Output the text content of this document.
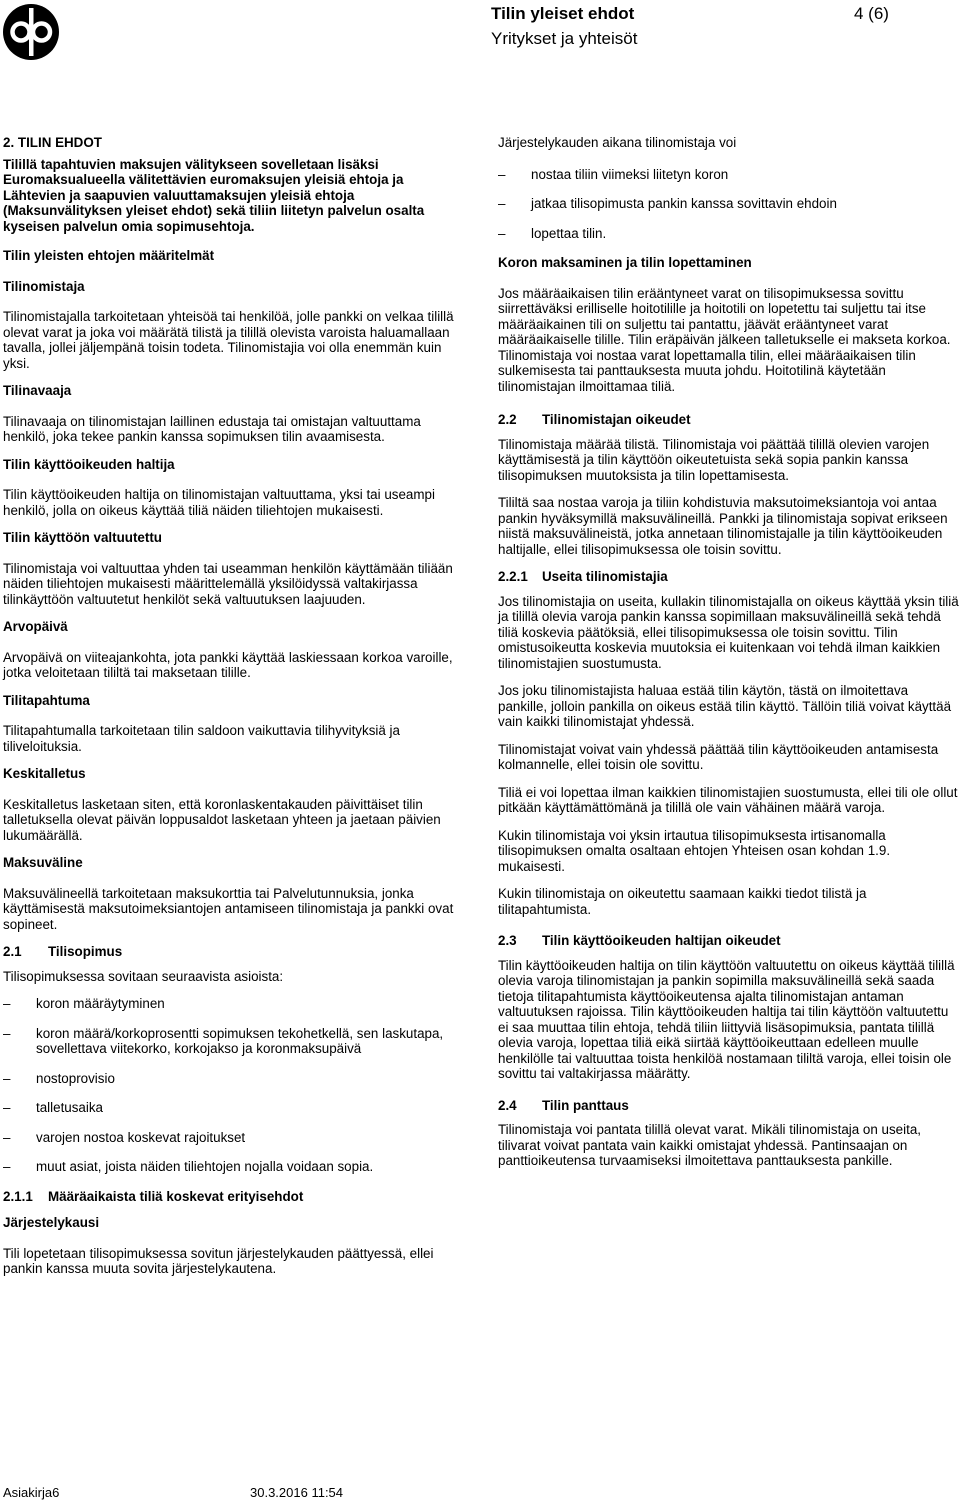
Tilin yleiset ehdot	4 (6)
Yritykset ja yhteisöt

2. TILIN EHDOT

Tilillä tapahtuvien maksujen välitykseen sovelletaan lisäksi Euromaksualueella välitettävien euromaksujen yleisiä ehtoja ja Lähtevien ja saapuvien valuuttamaksujen yleisiä ehtoja (Maksunvälityksen yleiset ehdot) sekä tiliin liitetyn palvelun osalta kyseisen palvelun omia sopimusehtoja.

Tilin yleisten ehtojen määritelmät
Tilinomistaja

Tilinomistajalla tarkoitetaan yhteisöä tai henkilöä, jolle pankki on velkaa tilillä olevat varat ja joka voi määrätä tilistä ja tilillä olevista varoista haluamallaan tavalla, jollei jäljempänä toisin todeta. Tilinomistajia voi olla enemmän kuin yksi.

Tilinavaaja

Tilinavaaja on tilinomistajan laillinen edustaja tai omistajan valtuuttama henkilö, joka tekee pankin kanssa sopimuksen tilin avaamisesta.

Tilin käyttöoikeuden haltija

Tilin käyttöoikeuden haltija on tilinomistajan valtuuttama, yksi tai useampi henkilö, jolla on oikeus käyttää tiliä näiden tiliehtojen mukaisesti.

Tilin käyttöön valtuutettu

Tilinomistaja voi valtuuttaa yhden tai useamman henkilön käyttämään tiliään näiden tiliehtojen mukaisesti määrittelemällä yksilöidyssä valtakirjassa tilinkäyttöön valtuutetut henkilöt sekä valtuutuksen laajuuden.

Arvopäivä

Arvopäivä on viiteajankohta, jota pankki käyttää laskiessaan korkoa varoille, jotka veloitetaan tililtä tai maksetaan tilille.

Tilitapahtuma

Tilitapahtumalla tarkoitetaan tilin saldoon vaikuttavia tilihyvityksiä ja tiliveloituksia.

Keskitalletus

Keskitalletus lasketaan siten, että koronlaskentakauden päivittäiset tilin talletuksella olevat päivän loppusaldot lasketaan yhteen ja jaetaan päivien lukumäärällä.

Maksuväline

Maksuvälineellä tarkoitetaan maksukorttia tai Palvelutunnuksia, jonka käyttämisestä maksutoimeksiantojen antamiseen tilinomistaja ja pankki ovat sopineet.

2.1 Tilisopimus

Tilisopimuksessa sovitaan seuraavista asioista:

– koron määräytyminen
– koron määrä/korkoprosentti sopimuksen tekohetkellä, sen laskutapa, sovellettava viitekorko, korkojakso ja koronmaksupäivä
– nostoprovisio
– talletusaika
– varojen nostoa koskevat rajoitukset
– muut asiat, joista näiden tiliehtojen nojalla voidaan sopia.
2.1.1 Määräaikaista tiliä koskevat erityisehdot
Järjestelykausi

Tili lopetetaan tilisopimuksessa sovitun järjestelykauden päättyessä, ellei pankin kanssa muuta sovita järjestelykautena.

Järjestelykauden aikana tilinomistaja voi

– nostaa tiliin viimeksi liitetyn koron
– jatkaa tilisopimusta pankin kanssa sovittavin ehdoin
– lopettaa tilin.
Koron maksaminen ja tilin lopettaminen

Jos määräaikaisen tilin erääntyneet varat on tilisopimuksessa sovittu siirrettäväksi erilliselle hoitotilille ja hoitotili on lopetettu tai suljettu tai itse määräaikainen tili on suljettu tai pantattu, jäävät erääntyneet varat määräaikaiselle tilille. Tilin eräpäivän jälkeen talletukselle ei makseta korkoa. Tilinomistaja voi nostaa varat lopettamalla tilin, ellei määräaikaisen tilin sulkemisesta tai panttauksesta muuta johdu. Hoitotilinä käytetään tilinomistajan ilmoittamaa tiliä.

2.2 Tilinomistajan oikeudet

Tilinomistaja määrää tilistä. Tilinomistaja voi päättää tilillä olevien varojen käyttämisestä ja tilin käyttöön oikeutetuista sekä sopia pankin kanssa tilisopimuksen muutoksista ja tilin lopettamisesta.

Tililtä saa nostaa varoja ja tiliin kohdistuvia maksutoimeksiantoja voi antaa pankin hyväksymillä maksuvälineillä. Pankki ja tilinomistaja sopivat erikseen niistä maksuvälineistä, jotka annetaan tilinomistajalle ja tilin käyttöoikeuden haltijalle, ellei tilisopimuksessa ole toisin sovittu.

2.2.1 Useita tilinomistajia

Jos tilinomistajia on useita, kullakin tilinomistajalla on oikeus käyttää yksin tiliä ja tilillä olevia varoja pankin kanssa sopimillaan maksuvälineillä sekä tehdä tiliä koskevia päätöksiä, ellei tilisopimuksessa ole toisin sovittu. Tilin omistusoikeutta koskevia muutoksia ei kuitenkaan voi tehdä ilman kaikkien tilinomistajien suostumusta.

Jos joku tilinomistajista haluaa estää tilin käytön, tästä on ilmoitettava pankille, jolloin pankilla on oikeus estää tilin käyttö. Tällöin tiliä voivat käyttää vain kaikki tilinomistajat yhdessä.

Tilinomistajat voivat vain yhdessä päättää tilin käyttöoikeuden antamisesta kolmannelle, ellei toisin ole sovittu.

Tiliä ei voi lopettaa ilman kaikkien tilinomistajien suostumusta, ellei tili ole ollut pitkään käyttämättömänä ja tilillä ole vain vähäinen määrä varoja.

Kukin tilinomistaja voi yksin irtautua tilisopimuksesta irtisanomalla tilisopimuksen omalta osaltaan ehtojen Yhteisen osan kohdan 1.9. mukaisesti.

Kukin tilinomistaja on oikeutettu saamaan kaikki tiedot tilistä ja tilitapahtumista.

2.3 Tilin käyttöoikeuden haltijan oikeudet

Tilin käyttöoikeuden haltija on tilin käyttöön valtuutettu on oikeus käyttää tilillä olevia varoja tilinomistajan ja pankin sopimilla maksuvälineillä sekä saada tietoja tilitapahtumista käyttöoikeutensa ajalta tilinomistajan antaman valtuutuksen rajoissa. Tilin käyttöoikeuden haltija tai tilin käyttöön valtuutettu ei saa muuttaa tilin ehtoja, tehdä tiliin liittyviä lisäsopimuksia, pantata tilillä olevia varoja, lopettaa tiliä eikä siirtää käyttöoikeuttaan edelleen muulle henkilölle tai valtuuttaa toista henkilöä nostamaan tililtä varoja, ellei toisin ole sovittu tai valtakirjassa määrätty.

2.4 Tilin panttaus

Tilinomistaja voi pantata tilillä olevat varat. Mikäli tilinomistaja on useita, tilivarat voivat pantata vain kaikki omistajat yhdessä. Pantinsaajan on panttioikeutensa turvaamiseksi ilmoitettava panttauksesta pankille.

Asiakirja6	30.3.2016 11:54
